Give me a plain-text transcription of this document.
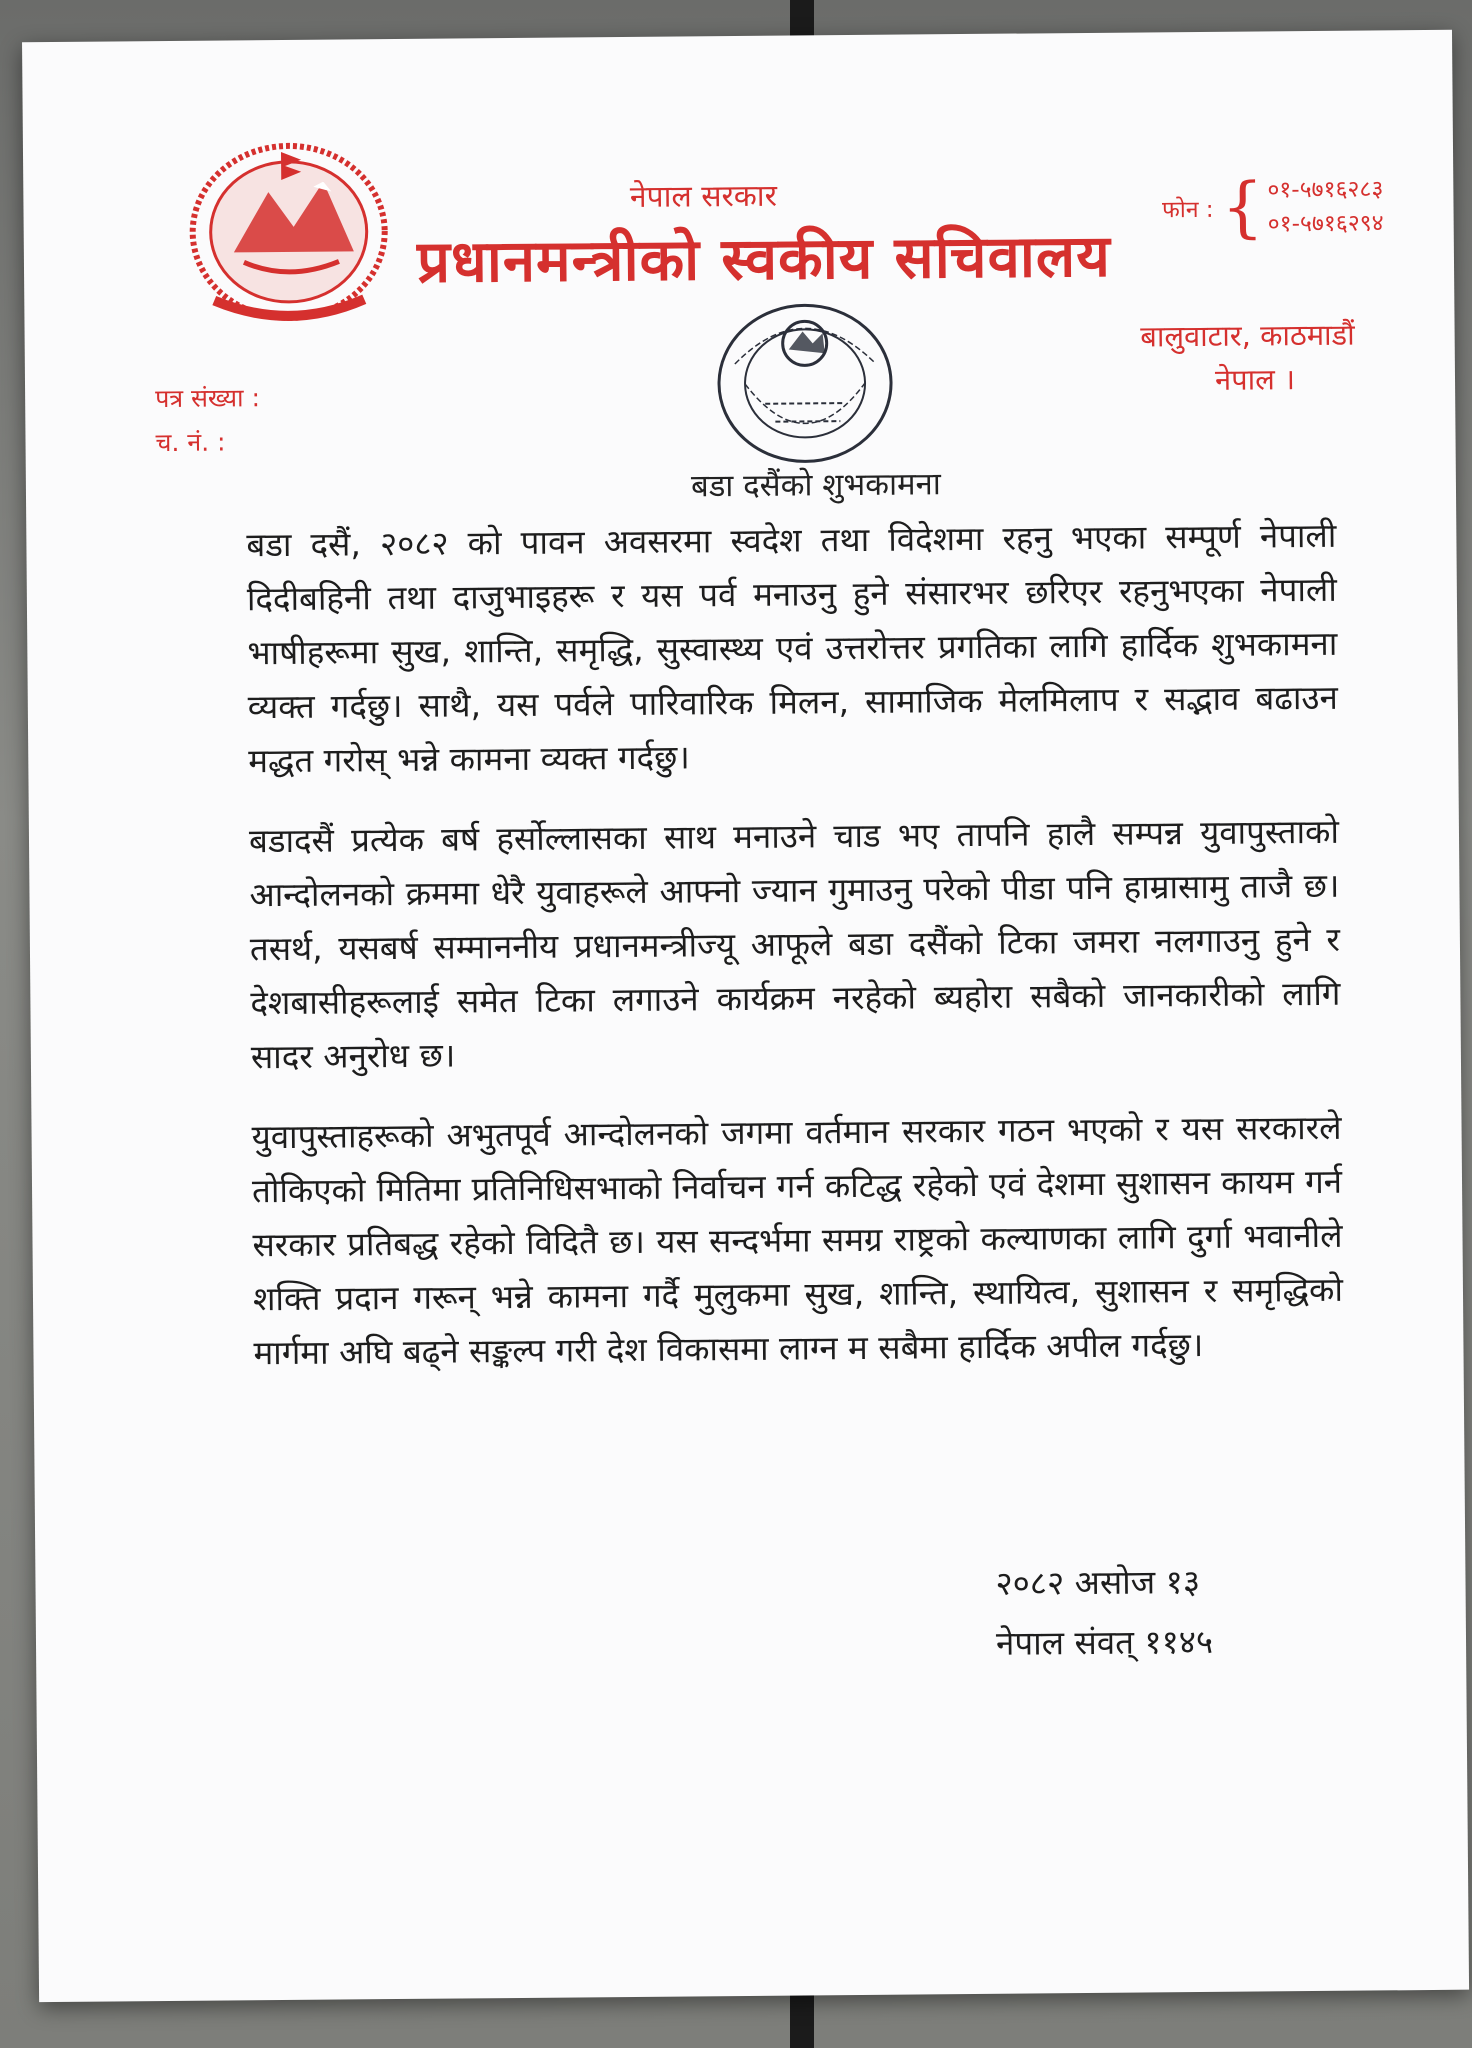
नेपाल सरकार
प्रधानमन्त्रीको स्वकीय सचिवालय
फोन : { ०१-५७१६२८३
०१-५७१६२९४
बालुवाटार, काठमाडौं
नेपाल ।
पत्र संख्या :
च. नं. :
बडा दसैंको शुभकामना

बडा दसैं, २०८२ को पावन अवसरमा स्वदेश तथा विदेशमा रहनु भएका सम्पूर्ण नेपाली दिदीबहिनी तथा दाजुभाइहरू र यस पर्व मनाउनु हुने संसारभर छरिएर रहनुभएका नेपाली भाषीहरूमा सुख, शान्ति, समृद्धि, सुस्वास्थ्य एवं उत्तरोत्तर प्रगतिका लागि हार्दिक शुभकामना व्यक्त गर्दछु। साथै, यस पर्वले पारिवारिक मिलन, सामाजिक मेलमिलाप र सद्भाव बढाउन मद्धत गरोस् भन्ने कामना व्यक्त गर्दछु।

बडादसैं प्रत्येक बर्ष हर्सोल्लासका साथ मनाउने चाड भए तापनि हालै सम्पन्न युवापुस्ताको आन्दोलनको क्रममा धेरै युवाहरूले आफ्नो ज्यान गुमाउनु परेको पीडा पनि हाम्रासामु ताजै छ। तसर्थ, यसबर्ष सम्माननीय प्रधानमन्त्रीज्यू आफूले बडा दसैंको टिका जमरा नलगाउनु हुने र देशबासीहरूलाई समेत टिका लगाउने कार्यक्रम नरहेको ब्यहोरा सबैको जानकारीको लागि सादर अनुरोध छ।

युवापुस्ताहरूको अभुतपूर्व आन्दोलनको जगमा वर्तमान सरकार गठन भएको र यस सरकारले तोकिएको मितिमा प्रतिनिधिसभाको निर्वाचन गर्न कटिद्ध रहेको एवं देशमा सुशासन कायम गर्न सरकार प्रतिबद्ध रहेको विदितै छ। यस सन्दर्भमा समग्र राष्ट्रको कल्याणका लागि दुर्गा भवानीले शक्ति प्रदान गरून् भन्ने कामना गर्दै मुलुकमा सुख, शान्ति, स्थायित्व, सुशासन र समृद्धिको मार्गमा अघि बढ्ने सङ्कल्प गरी देश विकासमा लाग्न म सबैमा हार्दिक अपील गर्दछु।

२०८२ असोज १३
नेपाल संवत् ११४५
